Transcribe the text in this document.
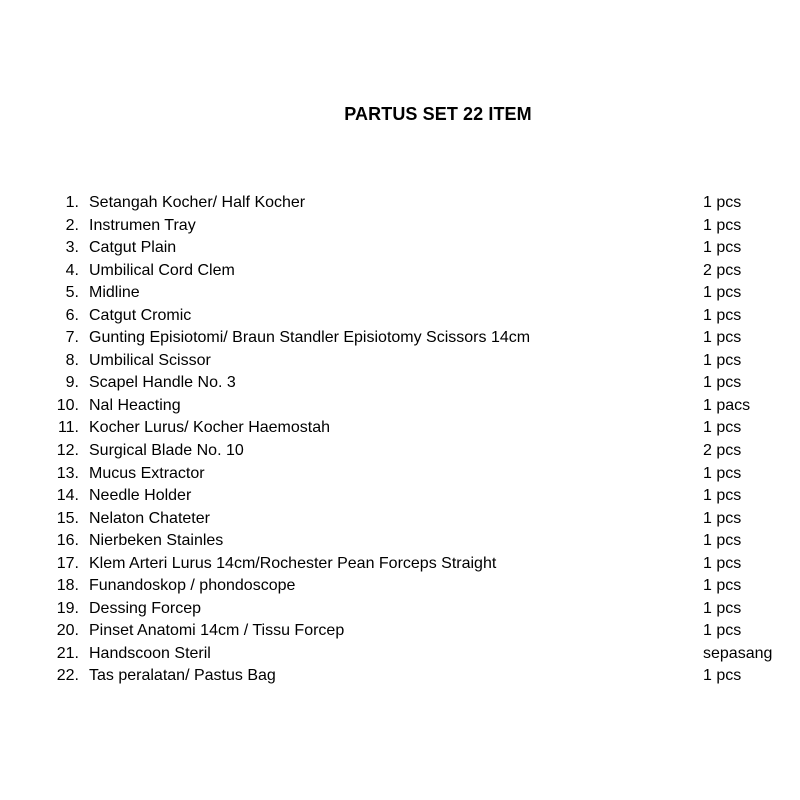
PARTUS SET 22 ITEM
1. Setangah Kocher/ Half Kocher	1 pcs
2. Instrumen Tray	1 pcs
3. Catgut Plain	1 pcs
4. Umbilical Cord Clem	2 pcs
5. Midline	1 pcs
6. Catgut Cromic	1 pcs
7. Gunting Episiotomi/ Braun Standler Episiotomy Scissors 14cm	1 pcs
8. Umbilical Scissor	1 pcs
9. Scapel Handle No. 3	1 pcs
10. Nal Heacting	1 pacs
11. Kocher Lurus/ Kocher Haemostah	1 pcs
12. Surgical Blade No. 10	2 pcs
13. Mucus Extractor	1 pcs
14. Needle Holder	1 pcs
15. Nelaton Chateter	1 pcs
16. Nierbeken Stainles	1 pcs
17. Klem Arteri Lurus 14cm/Rochester Pean Forceps Straight	1 pcs
18. Funandoskop / phondoscope	1 pcs
19. Dessing Forcep	1 pcs
20. Pinset Anatomi 14cm / Tissu Forcep	1 pcs
21. Handscoon Steril	sepasang
22. Tas peralatan/ Pastus Bag	1 pcs
